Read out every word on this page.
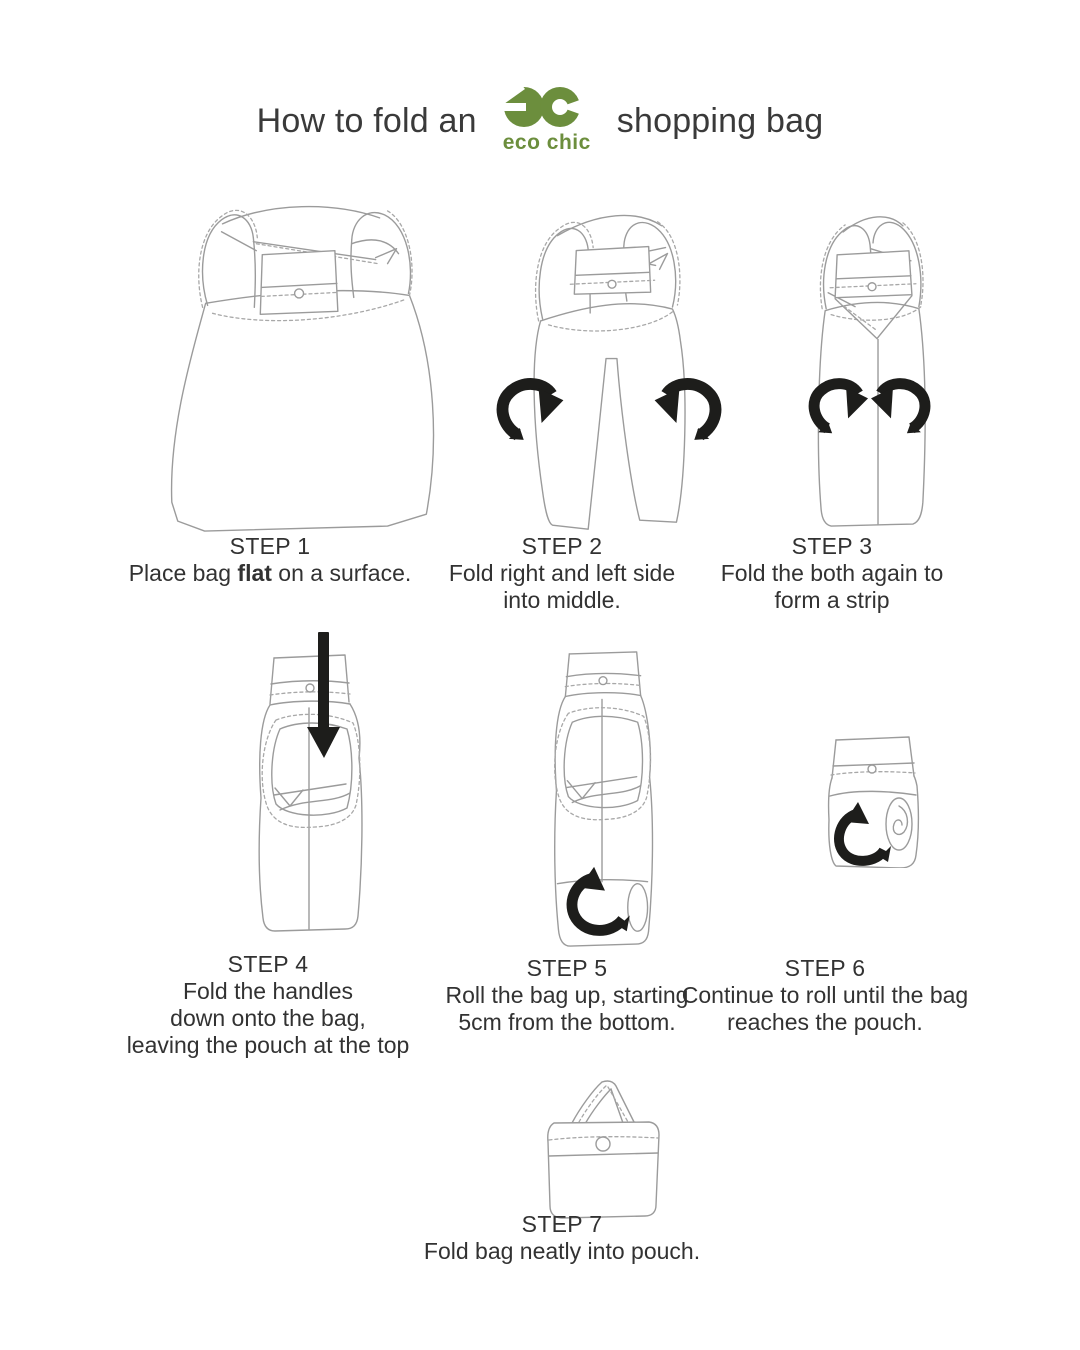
How to fold an
eco chic
shopping bag
STEP 1
Place bag flat on a surface.
STEP 2
Fold right and left side
into middle.
STEP 3
Fold the both again to
form a strip
STEP 4
Fold the handles
down onto the bag,
leaving the pouch at the top
STEP 5
Roll the bag up, starting
5cm from the bottom.
STEP 6
Continue to roll until the bag
reaches the pouch.
STEP 7
Fold bag neatly into pouch.
